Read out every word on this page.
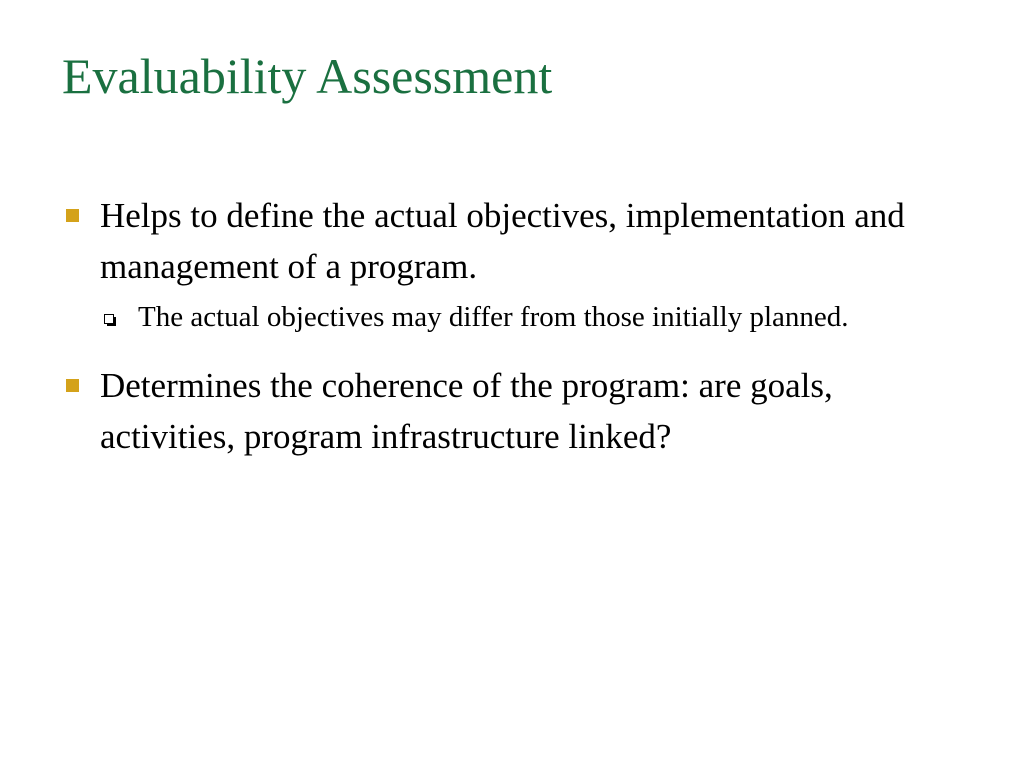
Evaluability Assessment
Helps to define the actual objectives, implementation and management of a program.
The actual objectives may differ from those initially planned.
Determines the coherence of the program: are goals, activities, program infrastructure linked?
